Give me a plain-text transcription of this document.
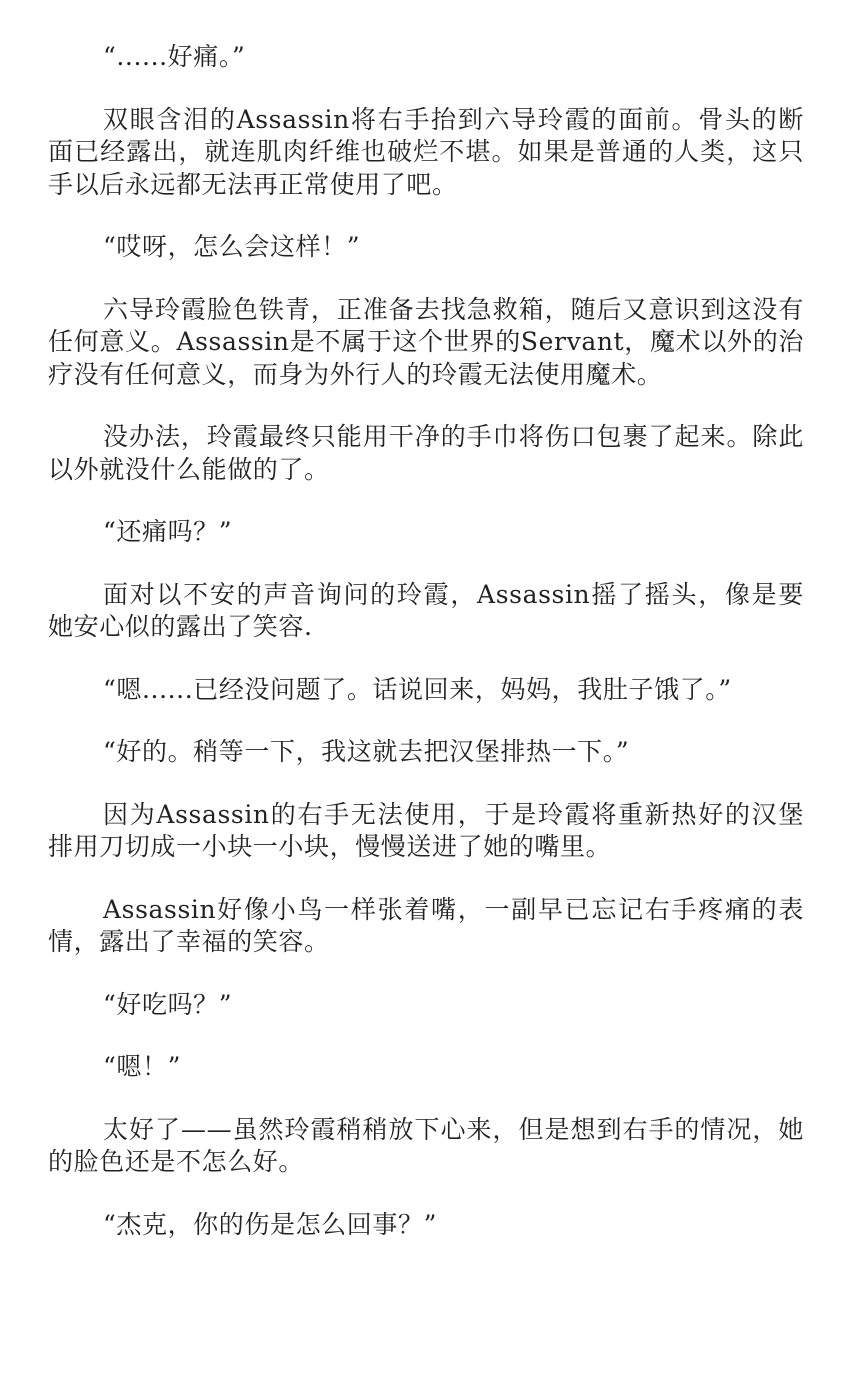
“......好痛。”

双眼含泪的Assassin将右手抬到六导玲霞的面前。骨头的断面已经露出，就连肌肉纤维也破烂不堪。如果是普通的人类，这只手以后永远都无法再正常使用了吧。

“哎呀，怎么会这样！”

六导玲霞脸色铁青，正准备去找急救箱，随后又意识到这没有任何意义。Assassin是不属于这个世界的Servant，魔术以外的治疗没有任何意义，而身为外行人的玲霞无法使用魔术。

没办法，玲霞最终只能用干净的手巾将伤口包裹了起来。除此以外就没什么能做的了。

“还痛吗？”

面对以不安的声音询问的玲霞，Assassin摇了摇头，像是要她安心似的露出了笑容.

“嗯......已经没问题了。话说回来，妈妈，我肚子饿了。”

“好的。稍等一下，我这就去把汉堡排热一下。”

因为Assassin的右手无法使用，于是玲霞将重新热好的汉堡排用刀切成一小块一小块，慢慢送进了她的嘴里。

Assassin好像小鸟一样张着嘴，一副早已忘记右手疼痛的表情，露出了幸福的笑容。

“好吃吗？”

“嗯！”

太好了——虽然玲霞稍稍放下心来，但是想到右手的情况，她的脸色还是不怎么好。

“杰克，你的伤是怎么回事？”
